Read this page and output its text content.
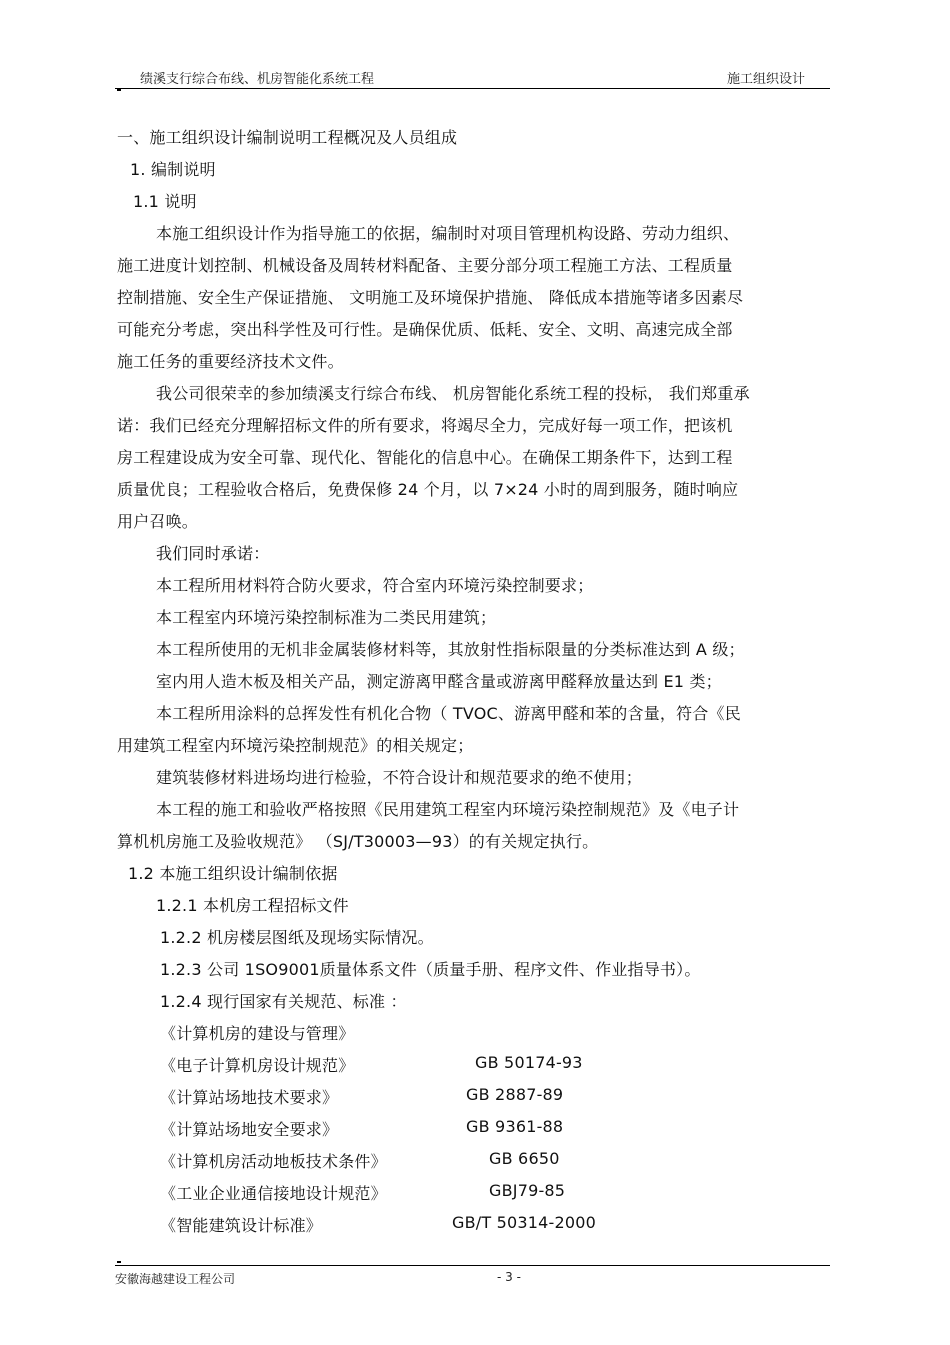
绩溪支行综合布线、机房智能化系统工程	施工组织设计
一、施工组织设计编制说明工程概况及人员组成
1. 编制说明
1.1 说明
本施工组织设计作为指导施工的依据，编制时对项目管理机构设路、劳动力组织、
施工进度计划控制、机械设备及周转材料配备、主要分部分项工程施工方法、工程质量
控制措施、安全生产保证措施、 文明施工及环境保护措施、 降低成本措施等诸多因素尽
可能充分考虑，突出科学性及可行性。是确保优质、低耗、安全、文明、高速完成全部
施工任务的重要经济技术文件。
我公司很荣幸的参加绩溪支行综合布线、 机房智能化系统工程的投标， 我们郑重承
诺：我们已经充分理解招标文件的所有要求，将竭尽全力，完成好每一项工作，把该机
房工程建设成为安全可靠、现代化、智能化的信息中心。在确保工期条件下，达到工程
质量优良；工程验收合格后，免费保修 24 个月，以 7×24 小时的周到服务，随时响应
用户召唤。
我们同时承诺：
本工程所用材料符合防火要求，符合室内环境污染控制要求；
本工程室内环境污染控制标准为二类民用建筑；
本工程所使用的无机非金属装修材料等，其放射性指标限量的分类标准达到 A 级；
室内用人造木板及相关产品，测定游离甲醛含量或游离甲醛释放量达到 E1 类；
本工程所用涂料的总挥发性有机化合物（ TVOC、游离甲醛和苯的含量，符合《民
用建筑工程室内环境污染控制规范》的相关规定；
建筑装修材料进场均进行检验，不符合设计和规范要求的绝不使用；
本工程的施工和验收严格按照《民用建筑工程室内环境污染控制规范》及《电子计
算机机房施工及验收规范》 （SJ/T30003—93）的有关规定执行。
1.2 本施工组织设计编制依据
1.2.1 本机房工程招标文件
1.2.2 机房楼层图纸及现场实际情况。
1.2.3 公司 1SO9001质量体系文件（质量手册、程序文件、作业指导书）。
1.2.4 现行国家有关规范、标准 ：
《计算机房的建设与管理》
《电子计算机房设计规范》	GB 50174-93
《计算站场地技术要求》	GB 2887-89
《计算站场地安全要求》	GB 9361-88
《计算机房活动地板技术条件》	GB 6650
《工业企业通信接地设计规范》	GBJ79-85
《智能建筑设计标准》	GB/T 50314-2000
安徽海越建设工程公司	- 3 -
